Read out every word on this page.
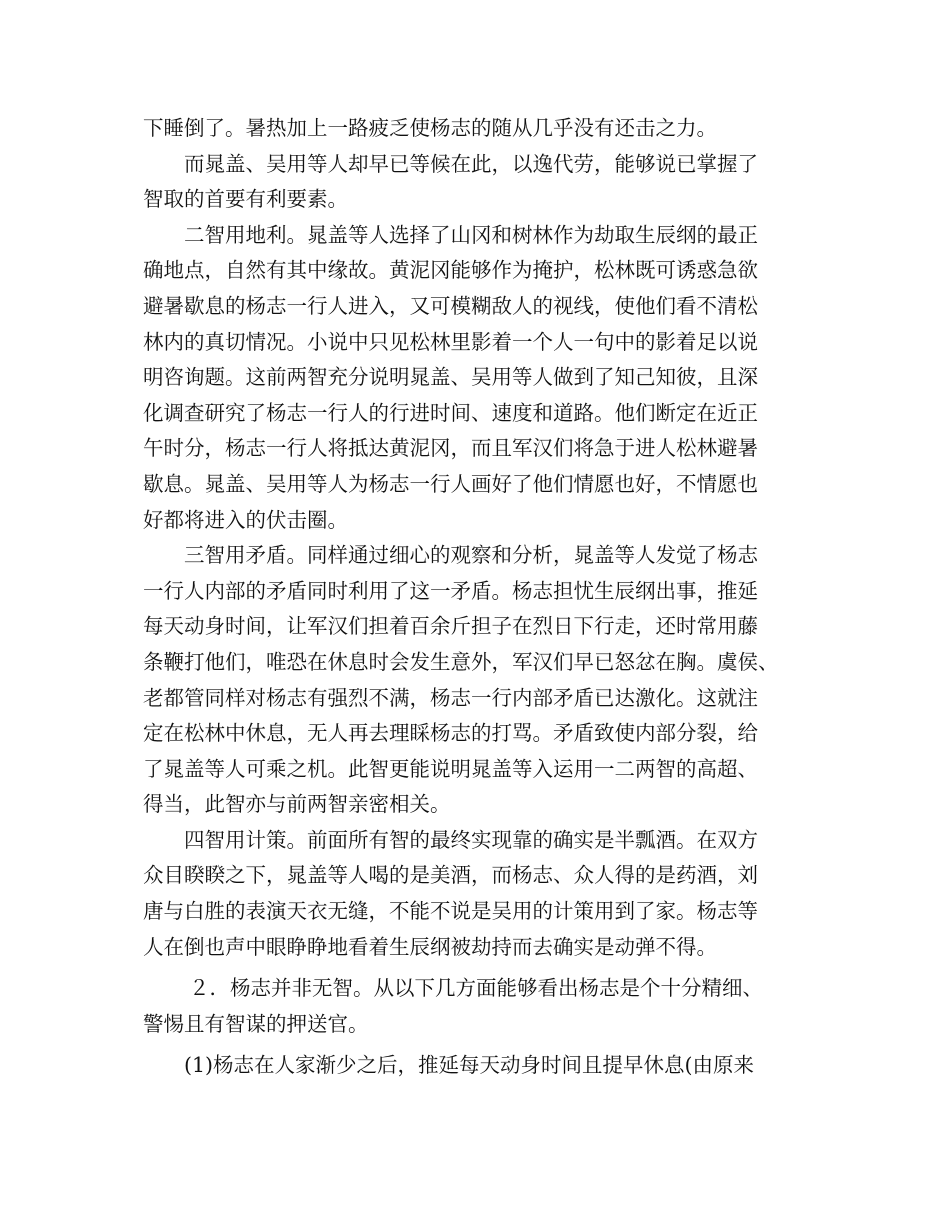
下睡倒了。暑热加上一路疲乏使杨志的随从几乎没有还击之力。
而晁盖、吴用等人却早已等候在此，以逸代劳，能够说已掌握了
智取的首要有利要素。
二智用地利。晁盖等人选择了山冈和树林作为劫取生辰纲的最正
确地点，自然有其中缘故。黄泥冈能够作为掩护，松林既可诱惑急欲
避暑歇息的杨志一行人进入，又可模糊敌人的视线，使他们看不清松
林内的真切情况。小说中只见松林里影着一个人一句中的影着足以说
明咨询题。这前两智充分说明晁盖、吴用等人做到了知己知彼，且深
化调查研究了杨志一行人的行进时间、速度和道路。他们断定在近正
午时分，杨志一行人将抵达黄泥冈，而且军汉们将急于进人松林避暑
歇息。晁盖、吴用等人为杨志一行人画好了他们情愿也好，不情愿也
好都将进入的伏击圈。
三智用矛盾。同样通过细心的观察和分析，晁盖等人发觉了杨志
一行人内部的矛盾同时利用了这一矛盾。杨志担忧生辰纲出事，推延
每天动身时间，让军汉们担着百余斤担子在烈日下行走，还时常用藤
条鞭打他们，唯恐在休息时会发生意外，军汉们早已怒忿在胸。虞侯、
老都管同样对杨志有强烈不满，杨志一行内部矛盾已达激化。这就注
定在松林中休息，无人再去理睬杨志的打骂。矛盾致使内部分裂，给
了晁盖等人可乘之机。此智更能说明晁盖等入运用一二两智的高超、
得当，此智亦与前两智亲密相关。
四智用计策。前面所有智的最终实现靠的确实是半瓢酒。在双方
众目睽睽之下，晁盖等人喝的是美酒，而杨志、众人得的是药酒，刘
唐与白胜的表演天衣无缝，不能不说是吴用的计策用到了家。杨志等
人在倒也声中眼睁睁地看着生辰纲被劫持而去确实是动弹不得。
２．杨志并非无智。从以下几方面能够看出杨志是个十分精细、
警惕且有智谋的押送官。
(1)杨志在人家渐少之后，推延每天动身时间且提早休息(由原来
